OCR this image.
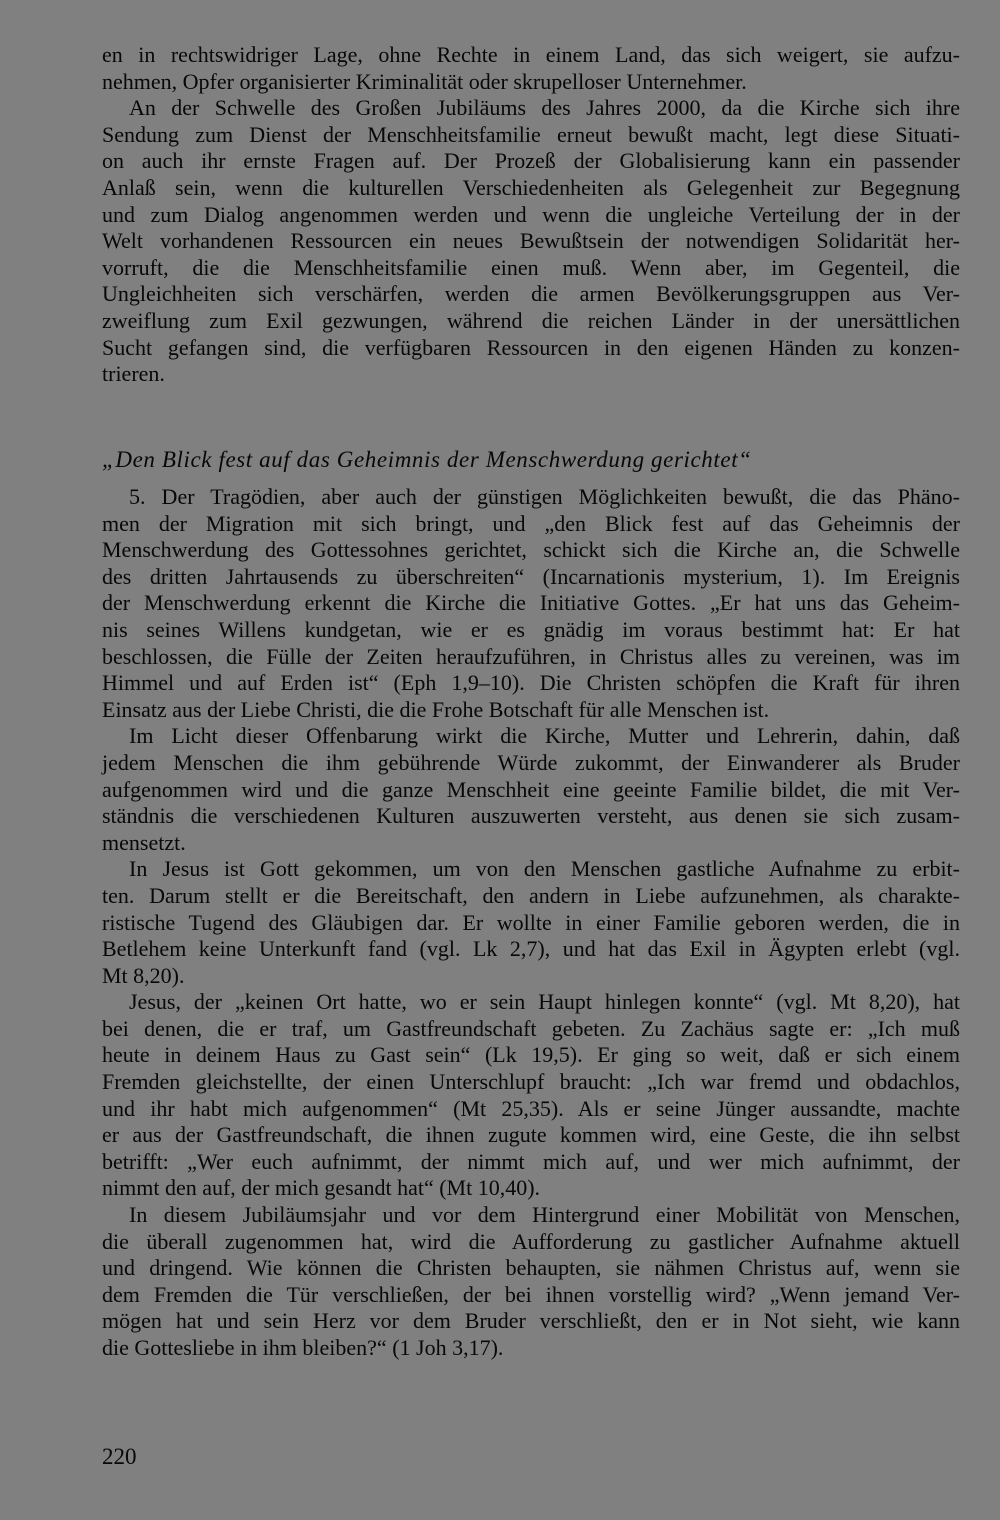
en in rechtswidriger Lage, ohne Rechte in einem Land, das sich weigert, sie aufzu-
nehmen, Opfer organisierter Kriminalität oder skrupelloser Unternehmer.
An der Schwelle des Großen Jubiläums des Jahres 2000, da die Kirche sich ihre
Sendung zum Dienst der Menschheitsfamilie erneut bewußt macht, legt diese Situati-
on auch ihr ernste Fragen auf. Der Prozeß der Globalisierung kann ein passender
Anlaß sein, wenn die kulturellen Verschiedenheiten als Gelegenheit zur Begegnung
und zum Dialog angenommen werden und wenn die ungleiche Verteilung der in der
Welt vorhandenen Ressourcen ein neues Bewußtsein der notwendigen Solidarität her-
vorruft, die die Menschheitsfamilie einen muß. Wenn aber, im Gegenteil, die
Ungleichheiten sich verschärfen, werden die armen Bevölkerungsgruppen aus Ver-
zweiflung zum Exil gezwungen, während die reichen Länder in der unersättlichen
Sucht gefangen sind, die verfügbaren Ressourcen in den eigenen Händen zu konzen-
trieren.
„Den Blick fest auf das Geheimnis der Menschwerdung gerichtet“
5. Der Tragödien, aber auch der günstigen Möglichkeiten bewußt, die das Phäno-
men der Migration mit sich bringt, und „den Blick fest auf das Geheimnis der
Menschwerdung des Gottessohnes gerichtet, schickt sich die Kirche an, die Schwelle
des dritten Jahrtausends zu überschreiten“ (Incarnationis mysterium, 1). Im Ereignis
der Menschwerdung erkennt die Kirche die Initiative Gottes. „Er hat uns das Geheim-
nis seines Willens kundgetan, wie er es gnädig im voraus bestimmt hat: Er hat
beschlossen, die Fülle der Zeiten heraufzuführen, in Christus alles zu vereinen, was im
Himmel und auf Erden ist“ (Eph 1,9–10). Die Christen schöpfen die Kraft für ihren
Einsatz aus der Liebe Christi, die die Frohe Botschaft für alle Menschen ist.
Im Licht dieser Offenbarung wirkt die Kirche, Mutter und Lehrerin, dahin, daß
jedem Menschen die ihm gebührende Würde zukommt, der Einwanderer als Bruder
aufgenommen wird und die ganze Menschheit eine geeinte Familie bildet, die mit Ver-
ständnis die verschiedenen Kulturen auszuwerten versteht, aus denen sie sich zusam-
mensetzt.
In Jesus ist Gott gekommen, um von den Menschen gastliche Aufnahme zu erbit-
ten. Darum stellt er die Bereitschaft, den andern in Liebe aufzunehmen, als charakte-
ristische Tugend des Gläubigen dar. Er wollte in einer Familie geboren werden, die in
Betlehem keine Unterkunft fand (vgl. Lk 2,7), und hat das Exil in Ägypten erlebt (vgl.
Mt 8,20).
Jesus, der „keinen Ort hatte, wo er sein Haupt hinlegen konnte“ (vgl. Mt 8,20), hat
bei denen, die er traf, um Gastfreundschaft gebeten. Zu Zachäus sagte er: „Ich muß
heute in deinem Haus zu Gast sein“ (Lk 19,5). Er ging so weit, daß er sich einem
Fremden gleichstellte, der einen Unterschlupf braucht: „Ich war fremd und obdachlos,
und ihr habt mich aufgenommen“ (Mt 25,35). Als er seine Jünger aussandte, machte
er aus der Gastfreundschaft, die ihnen zugute kommen wird, eine Geste, die ihn selbst
betrifft: „Wer euch aufnimmt, der nimmt mich auf, und wer mich aufnimmt, der
nimmt den auf, der mich gesandt hat“ (Mt 10,40).
In diesem Jubiläumsjahr und vor dem Hintergrund einer Mobilität von Menschen,
die überall zugenommen hat, wird die Aufforderung zu gastlicher Aufnahme aktuell
und dringend. Wie können die Christen behaupten, sie nähmen Christus auf, wenn sie
dem Fremden die Tür verschließen, der bei ihnen vorstellig wird? „Wenn jemand Ver-
mögen hat und sein Herz vor dem Bruder verschließt, den er in Not sieht, wie kann
die Gottesliebe in ihm bleiben?“ (1 Joh 3,17).
220
